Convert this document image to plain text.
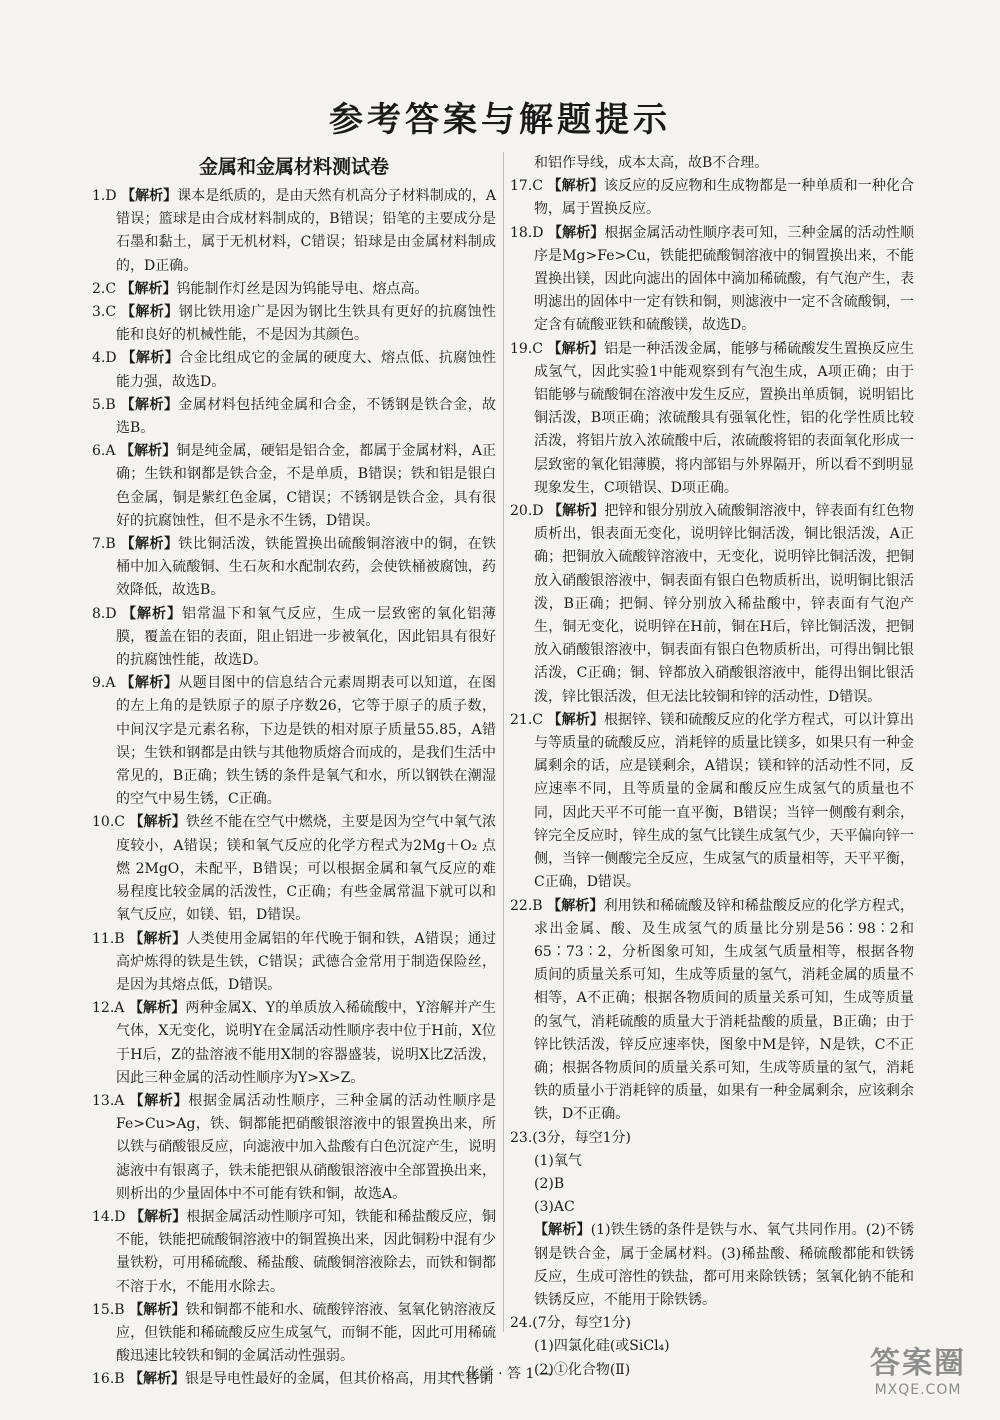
参考答案与解题提示
金属和金属材料测试卷

1.D 【解析】课本是纸质的，是由天然有机高分子材料制成的，A错误；篮球是由合成材料制成的，B错误；铅笔的主要成分是石墨和黏土，属于无机材料，C错误；铅球是由金属材料制成的，D正确。

2.C 【解析】钨能制作灯丝是因为钨能导电、熔点高。

3.C 【解析】钢比铁用途广是因为钢比生铁具有更好的抗腐蚀性能和良好的机械性能，不是因为其颜色。

4.D 【解析】合金比组成它的金属的硬度大、熔点低、抗腐蚀性能力强，故选D。

5.B 【解析】金属材料包括纯金属和合金，不锈钢是铁合金，故选B。

6.A 【解析】铜是纯金属，硬铝是铝合金，都属于金属材料，A正确；生铁和钢都是铁合金，不是单质，B错误；铁和铝是银白色金属，铜是紫红色金属，C错误；不锈钢是铁合金，具有很好的抗腐蚀性，但不是永不生锈，D错误。

7.B 【解析】铁比铜活泼，铁能置换出硫酸铜溶液中的铜，在铁桶中加入硫酸铜、生石灰和水配制农药，会使铁桶被腐蚀，药效降低，故选B。

8.D 【解析】铝常温下和氧气反应，生成一层致密的氧化铝薄膜，覆盖在铝的表面，阻止铝进一步被氧化，因此铝具有很好的抗腐蚀性能，故选D。

9.A 【解析】从题目图中的信息结合元素周期表可以知道，在图的左上角的是铁原子的原子序数26，它等于原子的质子数，中间汉字是元素名称，下边是铁的相对原子质量55.85，A错误；生铁和钢都是由铁与其他物质熔合而成的，是我们生活中常见的，B正确；铁生锈的条件是氧气和水，所以钢铁在潮湿的空气中易生锈，C正确。

10.C 【解析】铁丝不能在空气中燃烧，主要是因为空气中氧气浓度较小，A错误；镁和氧气反应的化学方程式为2Mg＋O₂ 点燃 2MgO，未配平，B错误；可以根据金属和氧气反应的难易程度比较金属的活泼性，C正确；有些金属常温下就可以和氧气反应，如镁、铝，D错误。

11.B 【解析】人类使用金属铝的年代晚于铜和铁，A错误；通过高炉炼得的铁是生铁，C错误；武德合金常用于制造保险丝，是因为其熔点低，D错误。

12.A 【解析】两种金属X、Y的单质放入稀硫酸中，Y溶解并产生气体，X无变化，说明Y在金属活动性顺序表中位于H前，X位于H后，Z的盐溶液不能用X制的容器盛装，说明X比Z活泼，因此三种金属的活动性顺序为Y>X>Z。

13.A 【解析】根据金属活动性顺序，三种金属的活动性顺序是Fe>Cu>Ag，铁、铜都能把硝酸银溶液中的银置换出来，所以铁与硝酸银反应，向滤液中加入盐酸有白色沉淀产生，说明滤液中有银离子，铁未能把银从硝酸银溶液中全部置换出来，则析出的少量固体中不可能有铁和铜，故选A。

14.D 【解析】根据金属活动性顺序可知，铁能和稀盐酸反应，铜不能，铁能把硫酸铜溶液中的铜置换出来，因此铜粉中混有少量铁粉，可用稀硫酸、稀盐酸、硫酸铜溶液除去，而铁和铜都不溶于水，不能用水除去。

15.B 【解析】铁和铜都不能和水、硫酸锌溶液、氢氧化钠溶液反应，但铁能和稀硫酸反应生成氢气，而铜不能，因此可用稀硫酸迅速比较铁和铜的金属活动性强弱。

16.B 【解析】银是导电性最好的金属，但其价格高，用其代替铜

和铝作导线，成本太高，故B不合理。

17.C 【解析】该反应的反应物和生成物都是一种单质和一种化合物，属于置换反应。

18.D 【解析】根据金属活动性顺序表可知，三种金属的活动性顺序是Mg>Fe>Cu，铁能把硫酸铜溶液中的铜置换出来，不能置换出镁，因此向滤出的固体中滴加稀硫酸，有气泡产生，表明滤出的固体中一定有铁和铜，则滤液中一定不含硫酸铜，一定含有硫酸亚铁和硫酸镁，故选D。

19.C 【解析】铝是一种活泼金属，能够与稀硫酸发生置换反应生成氢气，因此实验1中能观察到有气泡生成，A项正确；由于铝能够与硫酸铜在溶液中发生反应，置换出单质铜，说明铝比铜活泼，B项正确；浓硫酸具有强氧化性，铝的化学性质比较活泼，将铝片放入浓硫酸中后，浓硫酸将铝的表面氧化形成一层致密的氧化铝薄膜，将内部铝与外界隔开，所以看不到明显现象发生，C项错误、D项正确。

20.D 【解析】把锌和银分别放入硫酸铜溶液中，锌表面有红色物质析出，银表面无变化，说明锌比铜活泼，铜比银活泼，A正确；把铜放入硫酸锌溶液中，无变化，说明锌比铜活泼，把铜放入硝酸银溶液中，铜表面有银白色物质析出，说明铜比银活泼，B正确；把铜、锌分别放入稀盐酸中，锌表面有气泡产生，铜无变化，说明锌在H前，铜在H后，锌比铜活泼，把铜放入硝酸银溶液中，铜表面有银白色物质析出，可得出铜比银活泼，C正确；铜、锌都放入硝酸银溶液中，能得出铜比银活泼，锌比银活泼，但无法比较铜和锌的活动性，D错误。

21.C 【解析】根据锌、镁和硫酸反应的化学方程式，可以计算出与等质量的硫酸反应，消耗锌的质量比镁多，如果只有一种金属剩余的话，应是镁剩余，A错误；镁和锌的活动性不同，反应速率不同，且等质量的金属和酸反应生成氢气的质量也不同，因此天平不可能一直平衡，B错误；当锌一侧酸有剩余，锌完全反应时，锌生成的氢气比镁生成氢气少，天平偏向锌一侧，当锌一侧酸完全反应，生成氢气的质量相等，天平平衡，C正确，D错误。

22.B 【解析】利用铁和稀硫酸及锌和稀盐酸反应的化学方程式，求出金属、酸、及生成氢气的质量比分别是56∶98∶2和65∶73∶2，分析图象可知，生成氢气质量相等，根据各物质间的质量关系可知，生成等质量的氢气，消耗金属的质量不相等，A不正确；根据各物质间的质量关系可知，生成等质量的氢气，消耗硫酸的质量大于消耗盐酸的质量，B正确；由于锌比铁活泼，锌反应速率快，图象中M是锌，N是铁，C不正确；根据各物质间的质量关系可知，生成等质量的氢气，消耗铁的质量小于消耗锌的质量，如果有一种金属剩余，应该剩余铁，D不正确。

23.(3分，每空1分)

(1)氧气

(2)B

(3)AC

【解析】(1)铁生锈的条件是铁与水、氧气共同作用。(2)不锈钢是铁合金，属于金属材料。(3)稀盐酸、稀硫酸都能和铁锈反应，生成可溶性的铁盐，都可用来除铁锈；氢氧化钠不能和铁锈反应，不能用于除铁锈。

24.(7分，每空1分)

(1)四氯化硅(或SiCl₄)

(2)①化合物(Ⅱ)

— 化学 · 答 1 —	答案圈
MXQE.COM
